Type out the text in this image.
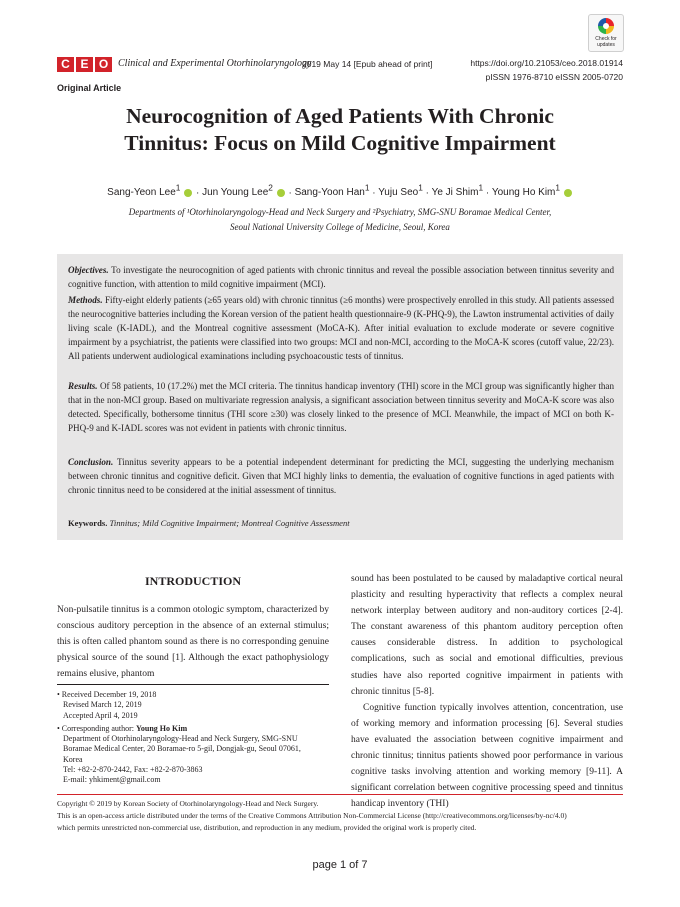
C E O Clinical and Experimental Otorhinolaryngology
2019 May 14 [Epub ahead of print]	https://doi.org/10.21053/ceo.2018.01914
pISSN 1976-8710 eISSN 2005-0720
Check for updates
Original Article
Neurocognition of Aged Patients With Chronic
Tinnitus: Focus on Mild Cognitive Impairment
Sang-Yeon Lee$^1$  · Jun Young Lee$^2$  · Sang-Yoon Han$^1$ · Yuju Seo$^1$ · Ye Ji Shim$^1$ · Young Ho Kim$^1$
Departments of ¹Otorhinolaryngology-Head and Neck Surgery and ²Psychiatry, SMG-SNU Boramae Medical Center,
Seoul National University College of Medicine, Seoul, Korea
Objectives. To investigate the neurocognition of aged patients with chronic tinnitus and reveal the possible association between tinnitus severity and cognitive function, with attention to mild cognitive impairment (MCI).
Methods. Fifty-eight elderly patients (≥65 years old) with chronic tinnitus (≥6 months) were prospectively enrolled in this study. All patients assessed the neurocognitive batteries including the Korean version of the patient health questionnaire-9 (K-PHQ-9), the Lawton instrumental activities of daily living scale (K-IADL), and the Montreal cognitive assessment (MoCA-K). After initial evaluation to exclude moderate or severe cognitive impairment by a psychiatrist, the patients were classified into two groups: MCI and non-MCI, according to the MoCA-K scores (cutoff value, 22/23). All patients underwent audiological examinations including psychoacoustic tests of tinnitus.
Results. Of 58 patients, 10 (17.2%) met the MCI criteria. The tinnitus handicap inventory (THI) score in the MCI group was significantly higher than that in the non-MCI group. Based on multivariate regression analysis, a significant association between tinnitus severity and MoCA-K score was also detected. Specifically, bothersome tinnitus (THI score ≥30) was closely linked to the presence of MCI. Meanwhile, the impact of MCI on both K-PHQ-9 and K-IADL scores was not evident in patients with chronic tinnitus.
Conclusion. Tinnitus severity appears to be a potential independent determinant for predicting the MCI, suggesting the underlying mechanism between chronic tinnitus and cognitive deficit. Given that MCI highly links to dementia, the evaluation of cognitive functions in aged patients with chronic tinnitus need to be considered at the initial assessment of tinnitus.
Keywords. Tinnitus; Mild Cognitive Impairment; Montreal Cognitive Assessment
INTRODUCTION
Non-pulsatile tinnitus is a common otologic symptom, characterized by conscious auditory perception in the absence of an external stimulus; this is often called phantom sound as there is no corresponding genuine physical source of the sound [1]. Although the exact pathophysiology remains elusive, phantom
• Received December 19, 2018
Revised March 12, 2019
Accepted April 4, 2019
• Corresponding author: Young Ho Kim
Department of Otorhinolaryngology-Head and Neck Surgery, SMG-SNU
Boramae Medical Center, 20 Boramae-ro 5-gil, Dongjak-gu, Seoul 07061,
Korea
Tel: +82-2-870-2442, Fax: +82-2-870-3863
E-mail: yhkiment@gmail.com
sound has been postulated to be caused by maladaptive cortical neural plasticity and resulting hyperactivity that reflects a complex neural network interplay between auditory and non-auditory cortices [2-4]. The constant awareness of this phantom auditory perception often causes considerable distress. In addition to psychological complications, such as social and emotional difficulties, previous studies have also reported cognitive impairment in patients with chronic tinnitus [5-8].
Cognitive function typically involves attention, concentration, use of working memory and information processing [6]. Several studies have evaluated the association between cognitive impairment and chronic tinnitus; tinnitus patients showed poor performance in various cognitive tasks involving attention and working memory [9-11]. A significant correlation between cognitive processing speed and tinnitus handicap inventory (THI)
Copyright © 2019 by Korean Society of Otorhinolaryngology-Head and Neck Surgery.
This is an open-access article distributed under the terms of the Creative Commons Attribution Non-Commercial License (http://creativecommons.org/licenses/by-nc/4.0)
which permits unrestricted non-commercial use, distribution, and reproduction in any medium, provided the original work is properly cited.
page 1 of 7
